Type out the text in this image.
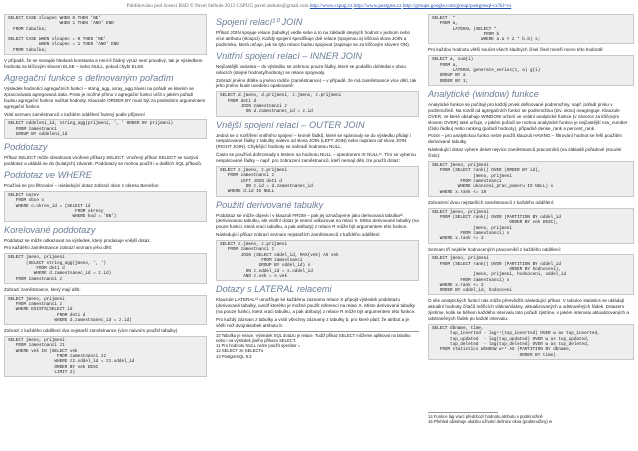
Publikováno pod licencí BSD © Pavel Stěhule 2012 CSPUG pavel.stehule@gmail.com http://www.cspug.cz http://www.postgres.cz http://groups.google.com/group/postgresql-cz?hl=cs
SELECT CASE sloupec WHEN 0 THEN 'NE'
WHEN 1 THEN 'ANO' END
FROM tabulka;

SELECT CASE WHEN sloupec = 0 THEN 'NE'
WHEN sloupec = 1 THEN 'ANO' END
FROM tabulka;

V případě, že se nenajde hledaná konstanta a není-li žádný výraz není pravdivý, tak je výsledkem hodnota za klíčovým slovem ELSE – nebo NULL, pokud chybí ELSE.

Agregační funkce s definovaným pořadím

Výsledek hodnotící agregačních funkcí – string_agg, array_agg závisí na pořadí ve kterém se zpracovávala agregovaná data. Proto je možné přímo v agregační funkci určit v jakém pořadí budou agregační funkce načítat hodnoty. Klauzule ORDER BY musí být za posledním argumentem agregační funkce.

Vrátí seznam zaměstnanců v každém oddělení řazený podle příjmení

SELECT oddelení_id, string_agg(prijmeni, ', ' ORDER BY prijmeni)
FROM zamestnanci
GROUP BY oddeleni_id
Poddotazy

Příkaz SELECT může obsahovat vnořené příkazy SELECT. Vnořený příkaz SELECT se nazývá poddotaz a ukládá se do (kulatých) závorek. Poddotazy se mohou použít i u dalších SQL příkazů.

Poddotaz ve WHERE

Používá se pro filtrování – následující dotaz zobrazí obce z okresu Benešov:

SELECT nazev
FROM obce o
WHERE o.okres_id = (SELECT id
FROM okresy
WHERE kod = 'BN')
Korelované poddotazy

Poddotaz se může odkazovat na výsledek, který produkuje vnější dotaz.

Pro každého zaměstnance zobrazí seznam jeho dětí:

SELECT jmeno, prijmeni
(SELECT string_agg(jmeno, ', ')
FROM deti d
WHERE d.zamestnanec_id = z.id)
FROM zamestnanci z

Zobrazí zaměstnance, který mají děti:

SELECT jmeno, prijmeni
FROM zamestnanci z
WHERE EXISTS(SELECT id
FROM deti d
WHERE d.zamestnanec_id = z.id)

Zobrazí z každého oddělení dva nejstarší zaměstnance (více naivním použití tabulky)

SELECT jmeno, prijmeni
FROM zamestnanci z1
WHERE vek IN (SELECT vek
FROM zamestnanci z2
WHERE z2.oddel_id = z1.oddel_id
ORDER BY vek DESC
LIMIT 2)
Spojení relací¹⁰ JOIN

Příkaz JOIN spojuje relace (tabulky) vedle sebe a to na základě stejných hodnot v jednom nebo více atributu (sloupci). Každý spojení specifikuje dvě relace (spojenou a) klíčová slova JOIN a podmínku, která určuje, jak se tyto relace budou spojovat (zapisuje se za klíčovým slovem ON).

Vnitřní spojení relací – INNER JOIN

Nejčastější varianta – do výsledku se zahrnou pouze řádky, které se podařilo dohledat v obou relacích (stejné hodnoty/hodnoty) se relace spojovaly.

Zobrazí jméno dítěte a jméno rodiče (zaměstnance) – v případě, že má zaměstnance více dětí, tak jeho jméno bude uvedeno opakovaně:

SELECT d.jmeno, d.prijmeni, z.jmeno, z.prijmeni
FROM deti d
JOIN zamestnanci z
ON d.zamestnanec_id = z.id
Vnější spojení relací – OUTER JOIN

Jedná se o rozšíření vnitřního spojení – kromě řádků, které se spárovaly se do výsledku přidají i nespárované řádky z tabulky nalevo od slova JOIN (LEFT JOIN) nebo napravo od slova JOIN (RIGHT JOIN). Chybějící hodnoty se nahradí hodnotou NULL.

Často se používá dohromady s testem na hodnotu NULL – operátorem IS NULL¹¹. Tím se vyberou nespárované řádky – např. pro zobrazení zaměstnanců, kteří nemají děti, lze použít dotaz:

SELECT z.jmeno, z.prijmeni
FROM zamestnanci z
LEFT JOIN deti d
ON z.id = d.zamestnanec_id
WHERE d.id IS NULL
Použití derivované tabulky

Poddotaz se může objevit i v klauzuli FROM – pak jej označujeme jako derivovaná tabulka¹². (derivovanou tabulku, ale vnitřní dotaz je nesmí odkazovat na relaci X. Místo derivované tabulky (na pouze funkci, která vrací tabulku, a pak atributy) z relace R může být argumentem této funkce.

Následující příkaz zobrazí seznam nejstarších zaměstnanců z každého oddělení:

SELECT z.jmeno, z.prijmeni
FROM zamestnanci z
JOIN (SELECT oddel_id, MAX(vek) AS vek
FROM zamestnanci
GROUP BY oddel_id) s
ON z.oddel_id = s.oddel_id
AND z.vek = s.vek
Dotazy s LATERAL relacemi

Klauzule LATERAL¹³ umožňuje ke každému záznamu relace X připojit výsledek poddotazu (derivované tabulky, uvnitř kterého je možné použít referenci na relaci X. Místo derivované tabulky (na pouze funkci, která vrací tabulku, a pak atributy) z relace R může být argumentem této funkce.

Pro každý záznam z tabulky a vrátí všechny záznamy z tabulky b, pro které platí: že atribut a je větší než dvojnásobek atributu b.

10 Tabulka je relace. Výsledek SQL dotazu je relace. Tudíž příkaz SELECT můžeme aplikovat na tabulku nebo i na výsledek jiného příkazu SELECT.

11 Pro hodnotu NULL nelze použít operátor =

12 SELECT ze SELECTu

13 PostgreSQL 9.3

SELECT  *
FROM a,
LATERAL (SELECT *
FROM b
WHERE a.a > 2 * b.b) x;

Pro každou hodnotu větší součet všech kladných čísel čísel menší rovno této hodnotě:

SELECT a, sum(i)
FROM a,
LATERAL generate_series(1, a) g(i)
GROUP BY a
ORDER BY 1;
Analytické (window) funkce

Analytické funkce se počítají pro každý prvek definované podmnožiny, např. pořadí prvku v podmnožině. Na rozdíl od agregačních funkcí se podmnožina (tzv. okno) neagreguje. Klauzule OVER, ve které obsahuje WINDOW určení ve volání analytické funkce (v závorce za klíčovým slovem OVER) také určuje, v jakém pořadí se mohou analytické funkce je nejčastější row_number (číslo řádku) nebo ranking (pořadí hodnoty), případně dense_rank a percent_rank.

Pozor – pro analytickou funkci nelze použít klauzuli HAVING – filtrování hodnot se řeší použitím derivované tabulky.

Následující dotaz vybere deset nejvíce zaměstnanců pracovníků (na základě pořadové (souvisí číslo):

SELECT jmeno, prijmeni
FROM (SELECT rank() OVER (ORDER BY id),
jmeno, prijmeni
FROM zamestnanci
WHERE ukonceni_prac_pomeru IS NULL) x
WHERE x.rank <= 10

Zobrazení dvou nejstarších zaměstnanců z každého oddělení:

SELECT jmeno, prijmeni
FROM (SELECT rank() OVER (PARTITION BY oddel_id
ORDER BY vek DESC),
jmeno, prijmeni
FROM zamestnanci) x
WHERE x.rank <= 2

Seznam tří nejdéle hodnocených pracovníků z každého oddělení:

SELECT jmeno, prijmeni
FROM (SELECT rank() OVER (PARTITION BY oddel_id
ORDER BY hodnoceni),
jmeno, prijmeni, hodnoceni, oddel_id
FROM zamestnanci) x
WHERE x.rank <= 2
ORDER BY oddel_id, hodnoceni

O síle analytických funkcí nás může přesvědčit následující příkaz. V tabulce statistics se ukládají aktuální hodnoty čítačů měřicích vlákna/vlákny, aktualizovaných a odstraněných řádek. Dotazem zjistíme, kolik se během každého intervalu toto pořadí zjistíme, v jakém intervalu aktualizovaných a odstraněných řádek po každé intervalu:

SELECT dbname, time,
tup_inserted - lag¹⁴(tup_inserted) OVER w as tup_inserted,
tup_updated  - lag(tup_updated) OVER w as tup_updated,
tup_deleted  - lag(tup_deleted) OVER w as tup_deleted,
FROM statistics WINDOW w¹⁵ AS (PARTITION BY dbname,
ORDER BY time)

14 Funkce lag vrací předchozí hodnotu atributu v podmnožině

15 Přehled obsahuje ukázku užívání definice okna (podmnožiny) w
